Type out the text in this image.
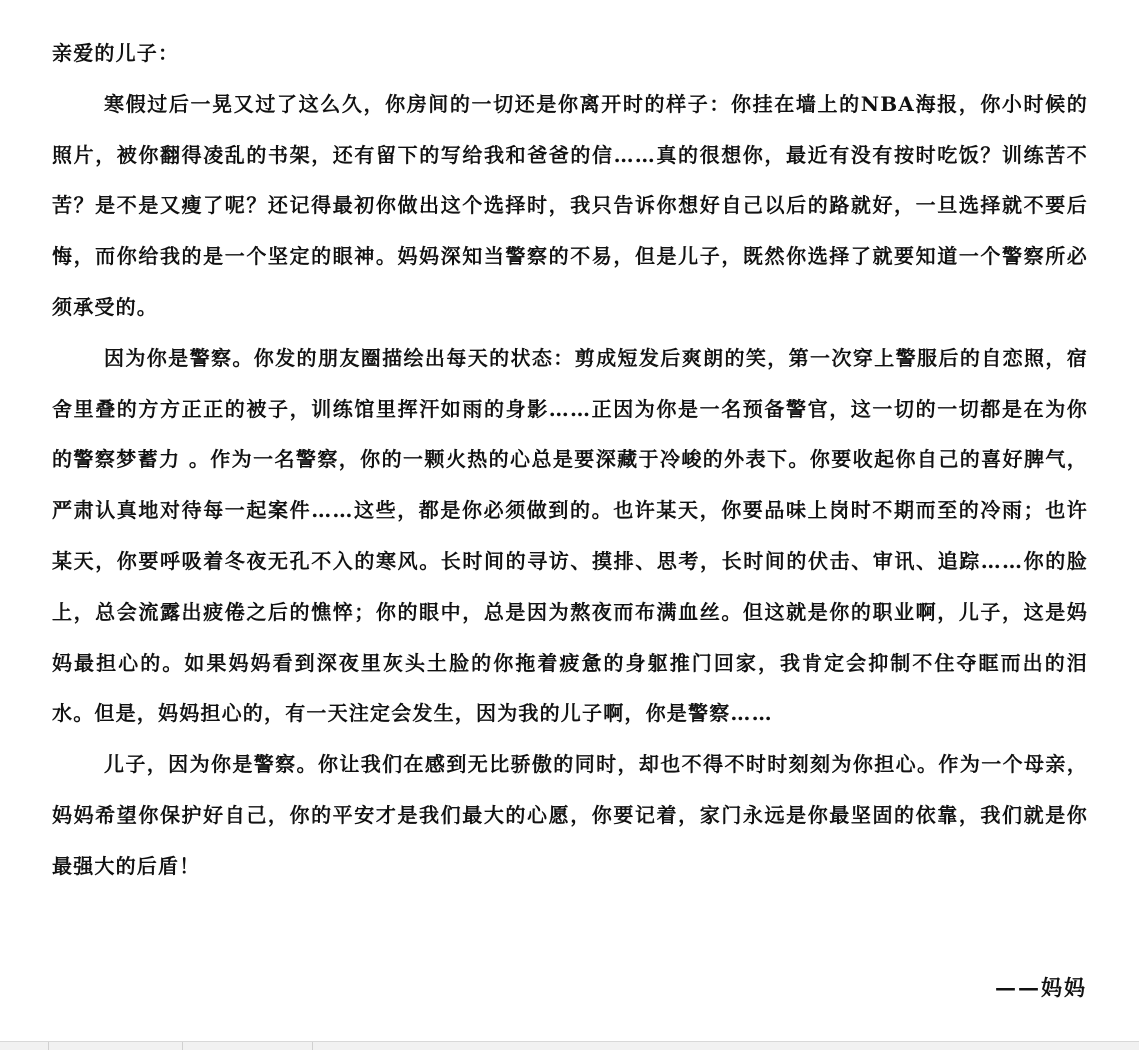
亲爱的儿子：

寒假过后一晃又过了这么久，你房间的一切还是你离开时的样子：你挂在墙上的NBA海报，你小时候的照片，被你翻得凌乱的书架，还有留下的写给我和爸爸的信……真的很想你，最近有没有按时吃饭？训练苦不苦？是不是又瘦了呢？还记得最初你做出这个选择时，我只告诉你想好自己以后的路就好，一旦选择就不要后悔，而你给我的是一个坚定的眼神。妈妈深知当警察的不易，但是儿子，既然你选择了就要知道一个警察所必须承受的。

因为你是警察。你发的朋友圈描绘出每天的状态：剪成短发后爽朗的笑，第一次穿上警服后的自恋照，宿舍里叠的方方正正的被子，训练馆里挥汗如雨的身影……正因为你是一名预备警官，这一切的一切都是在为你的警察梦蓄力 。作为一名警察，你的一颗火热的心总是要深藏于冷峻的外表下。你要收起你自己的喜好脾气，严肃认真地对待每一起案件……这些，都是你必须做到的。也许某天，你要品味上岗时不期而至的冷雨；也许某天，你要呼吸着冬夜无孔不入的寒风。长时间的寻访、摸排、思考，长时间的伏击、审讯、追踪……你的脸上，总会流露出疲倦之后的憔悴；你的眼中，总是因为熬夜而布满血丝。但这就是你的职业啊，儿子，这是妈妈最担心的。如果妈妈看到深夜里灰头土脸的你拖着疲惫的身躯推门回家，我肯定会抑制不住夺眶而出的泪水。但是，妈妈担心的，有一天注定会发生，因为我的儿子啊，你是警察……

儿子，因为你是警察。你让我们在感到无比骄傲的同时，却也不得不时时刻刻为你担心。作为一个母亲，妈妈希望你保护好自己，你的平安才是我们最大的心愿，你要记着，家门永远是你最坚固的依靠，我们就是你最强大的后盾！

——妈妈
